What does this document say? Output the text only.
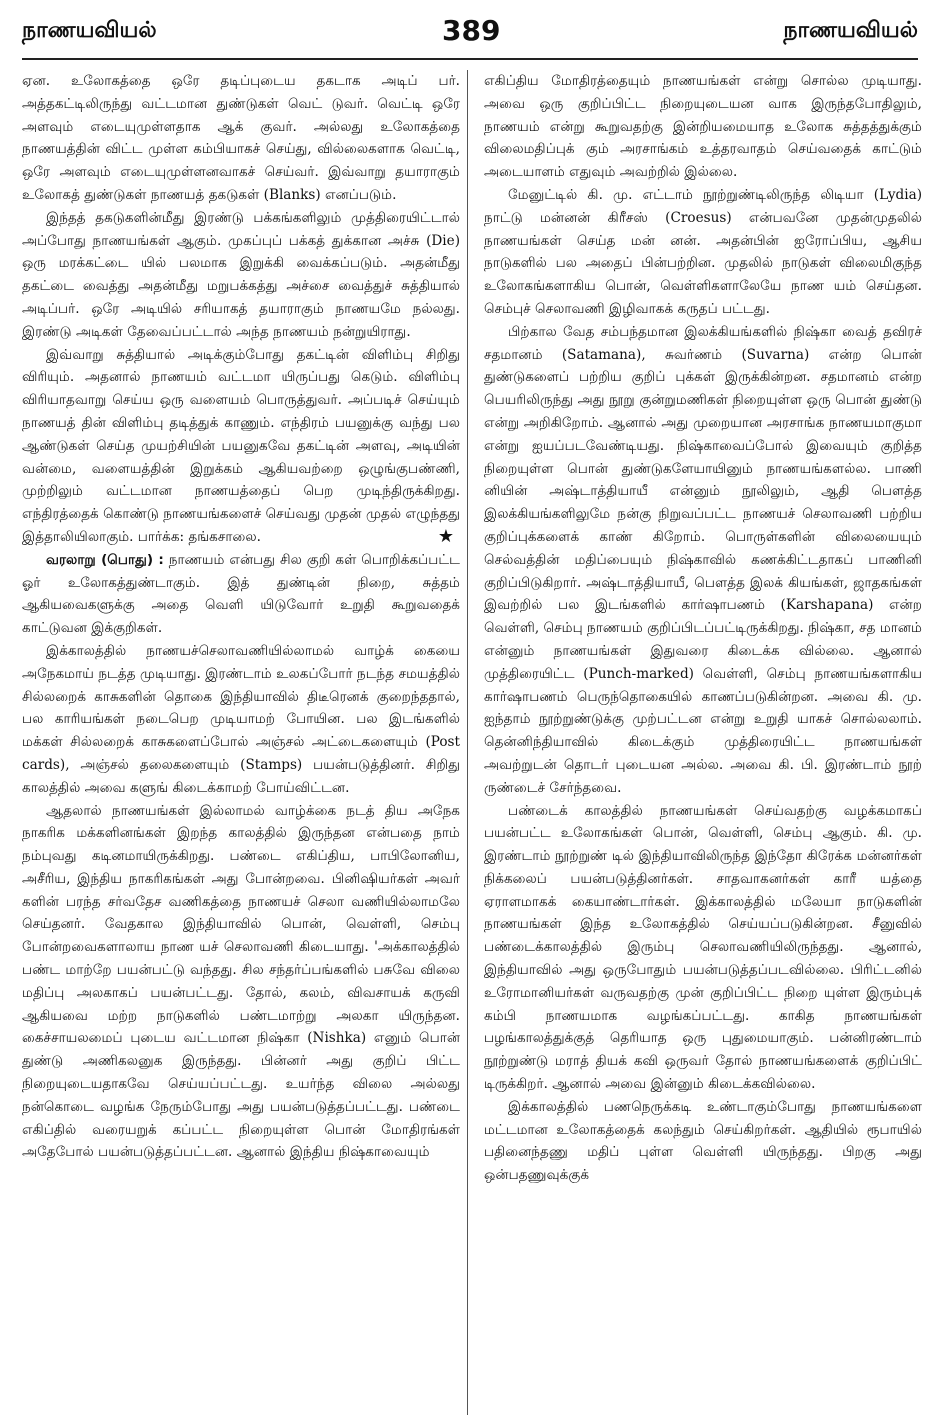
நாணயவியல்	389	நாணயவியல்

ஏன. உலோகத்தை ஒரே தடிப்புடைய தகடாக அடிப் பர். அத்தகட்டிலிருந்து வட்டமான துண்டுகள் வெட் டுவர். வெட்டி ஒரே அளவும் எடையுமுள்ளதாக ஆக் குவர். அல்லது உலோகத்தை நாணயத்தின் விட்ட முள்ள கம்பியாகச் செய்து, வில்லைகளாக வெட்டி, ஒரே அளவும் எடையுமுள்ளனவாகச் செய்வர். இவ்வாறு தயாராகும் உலோகத் துண்டுகள் நாணயத் தகடுகள் (Blanks) எனப்படும்.

இந்தத் தகடுகளின்மீது இரண்டு பக்கங்களிலும் முத்திரையிட்டால் அப்போது நாணயங்கள் ஆகும். முகப்புப் பக்கத் துக்கான அச்சு (Die) ஒரு மரக்கட்டை யில் பலமாக இறுக்கி வைக்கப்படும். அதன்மீது தகட்டை வைத்து அதன்மீது மறுபக்கத்து அச்சை வைத்துச் சுத்தியால் அடிப்பர். ஒரே அடியில் சரியாகத் தயாராகும் நாணயமே நல்லது. இரண்டு அடிகள் தேவைப்பட்டால் அந்த நாணயம் நன்றுயிராது.

இவ்வாறு சுத்தியால் அடிக்கும்போது தகட்டின் விளிம்பு சிறிது விரியும். அதனால் நாணயம் வட்டமா யிருப்பது கெடும். விளிம்பு விரியாதவாறு செய்ய ஒரு வளையம் பொருத்துவர். அப்படிச் செய்யும் நாணயத் தின் விளிம்பு தடித்துக் காணும். எந்திரம் பயனுக்கு வந்து பல ஆண்டுகள் செய்த முயற்சியின் பயனுகவே தகட்டின் அளவு, அடியின் வன்மை, வளையத்தின் இறுக்கம் ஆகியவற்றை ஒழுங்குபண்ணி, முற்றிலும் வட்டமான நாணயத்தைப் பெற முடிந்திருக்கிறது. எந்திரத்தைக் கொண்டு நாணயங்களைச் செய்வது முதன் முதல் எழுந்தது இத்தாலியிலாகும். பார்க்க: தங்கசாலை.	★

வரலாறு (பொது) : நாணயம் என்பது சில குறி கள் பொறிக்கப்பட்ட ஓர் உலோகத்துண்டாகும். இத் துண்டின் நிறை, சுத்தம் ஆகியவைகளுக்கு அதை வெளி யிடுவோர் உறுதி கூறுவதைக் காட்டுவன இக்குறிகள்.

இக்காலத்தில் நாணயச்செலாவணியில்லாமல் வாழ்க் கையை அநேகமாய் நடத்த முடியாது. இரண்டாம் உலகப்போர் நடந்த சமயத்தில் சில்லறைக் காசுகளின் தொகை இந்தியாவில் திடீரெனக் குறைந்ததால், பல காரியங்கள் நடைபெற முடியாமற் போயின. பல இடங்களில் மக்கள் சில்லறைக் காசுகளைப்போல் அஞ்சல் அட்டைகளையும் (Post cards), அஞ்சல் தலைகளையும் (Stamps) பயன்படுத்தினர். சிறிது காலத்தில் அவை களுங் கிடைக்காமற் போய்விட்டன.

ஆதலால் நாணயங்கள் இல்லாமல் வாழ்க்கை நடத் திய அநேக நாகரிக மக்களினங்கள் இறந்த காலத்தில் இருந்தன என்பதை நாம் நம்புவது கடினமாயிருக்கிறது. பண்டை எகிப்திய, பாபிலோனிய, அசீரிய, இந்திய நாகரிகங்கள் அது போன்றவை. பினிஷியர்கள் அவர் களின் பரந்த சர்வதேச வணிகத்தை நாணயச் செலா வணியில்லாமலே செய்தனர். வேதகால இந்தியாவில் பொன், வெள்ளி, செம்பு போன்றவைகளாலாய நாண யச் செலாவணி கிடையாது. 'அக்காலத்தில் பண்ட மாற்றே பயன்பட்டு வந்தது. சில சந்தர்ப்பங்களில் பசுவே விலை மதிப்பு அலகாகப் பயன்பட்டது. தோல், கலம், விவசாயக் கருவி ஆகியவை மற்ற நாடுகளில் பண்டமாற்று அலகா யிருந்தன. கைச்சாயலமைப் புடைய வட்டமான நிஷ்கா (Nishka) எனும் பொன் துண்டு அணிகலனுக இருந்தது. பின்னர் அது குறிப் பிட்ட நிறையுடையதாகவே செய்யப்பட்டது. உயர்ந்த விலை அல்லது நன்கொடை வழங்க நேரும்போது அது பயன்படுத்தப்பட்டது. பண்டை எகிப்தில் வரையறுக் கப்பட்ட நிறையுள்ள பொன் மோதிரங்கள் அதேபோல் பயன்படுத்தப்பட்டன. ஆனால் இந்திய நிஷ்காவையும்

எகிப்திய மோதிரத்தையும் நாணயங்கள் என்று சொல்ல முடியாது. அவை ஒரு குறிப்பிட்ட நிறையுடையன வாக இருந்தபோதிலும், நாணயம் என்று கூறுவதற்கு இன்றியமையாத உலோக சுத்தத்துக்கும் விலைமதிப்புக் கும் அரசாங்கம் உத்தரவாதம் செய்வதைக் காட்டும் அடையாளம் எதுவும் அவற்றில் இல்லை.

மேனுட்டில் கி. மு. எட்டாம் நூற்றுண்டிலிருந்த லிடியா (Lydia) நாட்டு மன்னன் கிரீசஸ் (Croesus) என்பவனே முதன்முதலில் நாணயங்கள் செய்த மன் னன். அதன்பின் ஐரோப்பிய, ஆசிய நாடுகளில் பல அதைப் பின்பற்றின. முதலில் நாடுகள் விலைமிகுந்த உலோகங்களாகிய பொன், வெள்ளிகளாலேயே நாண யம் செய்தன. செம்புச் செலாவணி இழிவாகக் கருதப் பட்டது.

பிற்கால வேத சம்பந்தமான இலக்கியங்களில் நிஷ்கா வைத் தவிரச் சதமானம் (Satamana), சுவர்ணம் (Suvarna) என்ற பொன் துண்டுகளைப் பற்றிய குறிப் புக்கள் இருக்கின்றன. சதமானம் என்ற பெயரிலிருந்து அது நூறு குன்றுமணிகள் நிறையுள்ள ஒரு பொன் துண்டு என்று அறிகிறோம். ஆனால் அது முறையான அரசாங்க நாணயமாகுமா என்று ஐயப்படவேண்டியது. நிஷ்காவைப்போல் இவையும் குறித்த நிறையுள்ள பொன் துண்டுகளேயாயினும் நாணயங்களல்ல. பாணி னியின் அஷ்டாத்தியாயீ என்னும் நூலிலும், ஆதி பௌத்த இலக்கியங்களிலுமே நன்கு நிறுவப்பட்ட நாணயச் செலாவணி பற்றிய குறிப்புக்களைக் காண் கிறோம். பொருள்களின் விலையையும் செல்வத்தின் மதிப்பையும் நிஷ்காவில் கணக்கிட்டதாகப் பாணினி குறிப்பிடுகிறார். அஷ்டாத்தியாயீ, பௌத்த இலக் கியங்கள், ஜாதகங்கள் இவற்றில் பல இடங்களில் கார்ஷாபணம் (Karshapana) என்ற வெள்ளி, செம்பு நாணயம் குறிப்பிடப்பட்டிருக்கிறது. நிஷ்கா, சத மானம் என்னும் நாணயங்கள் இதுவரை கிடைக்க வில்லை. ஆனால் முத்திரையிட்ட (Punch-marked) வெள்ளி, செம்பு நாணயங்களாகிய கார்ஷாபணம் பெருந்தொகையில் காணப்படுகின்றன. அவை கி. மு. ஐந்தாம் நூற்றுண்டுக்கு முற்பட்டன என்று உறுதி யாகச் சொல்லலாம். தென்னிந்தியாவில் கிடைக்கும் முத்திரையிட்ட நாணயங்கள் அவற்றுடன் தொடர் புடையன அல்ல. அவை கி. பி. இரண்டாம் நூற் ருண்டைச் சேர்ந்தவை.

பண்டைக் காலத்தில் நாணயங்கள் செய்வதற்கு வழக்கமாகப் பயன்பட்ட உலோகங்கள் பொன், வெள்ளி, செம்பு ஆகும். கி. மு. இரண்டாம் நூற்றுண் டில் இந்தியாவிலிருந்த இந்தோ கிரேக்க மன்னர்கள் நிக்கலைப் பயன்படுத்தினர்கள். சாதவாகனர்கள் காரீ யத்தை ஏராளமாகக் கையாண்டார்கள். இக்காலத்தில் மலேயா நாடுகளின் நாணயங்கள் இந்த உலோகத்தில் செய்யப்படுகின்றன. சீனுவில் பண்டைக்காலத்தில் இரும்பு செலாவணியிலிருந்தது. ஆனால், இந்தியாவில் அது ஒருபோதும் பயன்படுத்தப்படவில்லை. பிரிட்டனில் உரோமானியர்கள் வருவதற்கு முன் குறிப்பிட்ட நிறை யுள்ள இரும்புக் கம்பி நாணயமாக வழங்கப்பட்டது. காகித நாணயங்கள் பழங்காலத்துக்குத் தெரியாத ஒரு புதுமையாகும். பன்னிரண்டாம் நூற்றுண்டு மராத் தியக் கவி ஒருவர் தோல் நாணயங்களைக் குறிப்பிட் டிருக்கிறர். ஆனால் அவை இன்னும் கிடைக்கவில்லை.

இக்காலத்தில் பணநெருக்கடி உண்டாகும்போது நாணயங்களை மட்டமான உலோகத்தைக் கலந்தும் செய்கிறர்கள். ஆதியில் ரூபாயில் பதினைந்தணு மதிப் புள்ள வெள்ளி யிருந்தது. பிறகு அது ஒன்பதணுவுக்குக்
